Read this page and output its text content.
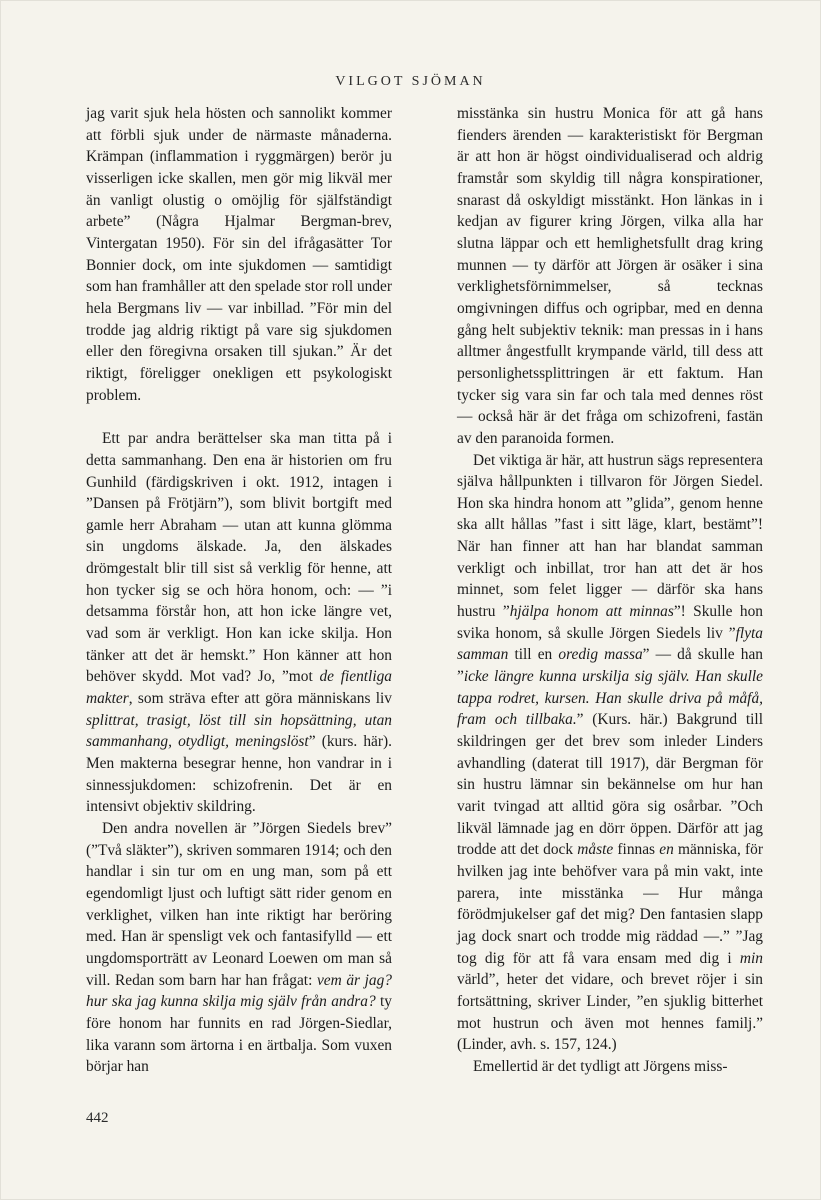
VILGOT SJÖMAN

jag varit sjuk hela hösten och sannolikt kommer att förbli sjuk under de närmaste månaderna. Krämpan (inflammation i ryggmärgen) berör ju visserligen icke skallen, men gör mig likväl mer än vanligt olustig o omöjlig för själfständigt arbete” (Några Hjalmar Bergman-brev, Vintergatan 1950). För sin del ifrågasätter Tor Bonnier dock, om inte sjukdomen — samtidigt som han framhåller att den spelade stor roll under hela Bergmans liv — var inbillad. ”För min del trodde jag aldrig riktigt på vare sig sjukdomen eller den föregivna orsaken till sjukan.” Är det riktigt, föreligger onekligen ett psykologiskt problem.

Ett par andra berättelser ska man titta på i detta sammanhang. Den ena är historien om fru Gunhild (färdigskriven i okt. 1912, intagen i ”Dansen på Frötjärn”), som blivit bortgift med gamle herr Abraham — utan att kunna glömma sin ungdoms älskade. Ja, den älskades drömgestalt blir till sist så verklig för henne, att hon tycker sig se och höra honom, och: — ”i detsamma förstår hon, att hon icke längre vet, vad som är verkligt. Hon kan icke skilja. Hon tänker att det är hemskt.” Hon känner att hon behöver skydd. Mot vad? Jo, ”mot de fientliga makter, som sträva efter att göra människans liv splittrat, trasigt, löst till sin hopsättning, utan sammanhang, otydligt, meningslöst” (kurs. här). Men makterna besegrar henne, hon vandrar in i sinnessjukdomen: schizofrenin. Det är en intensivt objektiv skildring.

Den andra novellen är ”Jörgen Siedels brev” (”Två släkter”), skriven sommaren 1914; och den handlar i sin tur om en ung man, som på ett egendomligt ljust och luftigt sätt rider genom en verklighet, vilken han inte riktigt har beröring med. Han är spensligt vek och fantasifylld — ett ungdomsporträtt av Leonard Loewen om man så vill. Redan som barn har han frågat: vem är jag? hur ska jag kunna skilja mig själv från andra? ty före honom har funnits en rad Jörgen-Siedlar, lika varann som ärtorna i en ärtbalja. Som vuxen börjar han

misstänka sin hustru Monica för att gå hans fienders ärenden — karakteristiskt för Bergman är att hon är högst oindividualiserad och aldrig framstår som skyldig till några konspirationer, snarast då oskyldigt misstänkt. Hon länkas in i kedjan av figurer kring Jörgen, vilka alla har slutna läppar och ett hemlighetsfullt drag kring munnen — ty därför att Jörgen är osäker i sina verklighetsförnimmelser, så tecknas omgivningen diffus och ogripbar, med en denna gång helt subjektiv teknik: man pressas in i hans alltmer ångestfullt krympande värld, till dess att personlighetssplittringen är ett faktum. Han tycker sig vara sin far och tala med dennes röst — också här är det fråga om schizofreni, fastän av den paranoida formen.

Det viktiga är här, att hustrun sägs representera själva hållpunkten i tillvaron för Jörgen Siedel. Hon ska hindra honom att ”glida”, genom henne ska allt hållas ”fast i sitt läge, klart, bestämt”! När han finner att han har blandat samman verkligt och inbillat, tror han att det är hos minnet, som felet ligger — därför ska hans hustru ”hjälpa honom att minnas”! Skulle hon svika honom, så skulle Jörgen Siedels liv ”flyta samman till en oredig massa” — då skulle han ”icke längre kunna urskilja sig själv. Han skulle tappa rodret, kursen. Han skulle driva på måfå, fram och tillbaka.” (Kurs. här.) Bakgrund till skildringen ger det brev som inleder Linders avhandling (daterat till 1917), där Bergman för sin hustru lämnar sin bekännelse om hur han varit tvingad att alltid göra sig osårbar. ”Och likväl lämnade jag en dörr öppen. Därför att jag trodde att det dock måste finnas en människa, för hvilken jag inte behöfver vara på min vakt, inte parera, inte misstänka — Hur många förödmjukelser gaf det mig? Den fantasien slapp jag dock snart och trodde mig räddad —.” ”Jag tog dig för att få vara ensam med dig i min värld”, heter det vidare, och brevet röjer i sin fortsättning, skriver Linder, ”en sjuklig bitterhet mot hustrun och även mot hennes familj.” (Linder, avh. s. 157, 124.)

Emellertid är det tydligt att Jörgens miss-

442
